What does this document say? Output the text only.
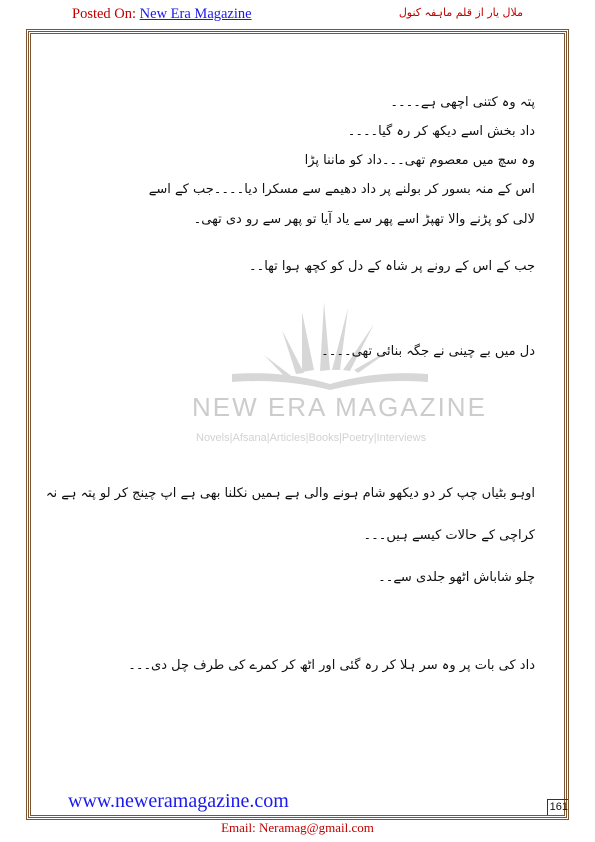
Posted On: New Era Magazine	ملال یار از قلم ماہفہ کنول
NEW ERA MAGAZINE
Novels|Afsana|Articles|Books|Poetry|Interviews
پتہ وہ کتنی اچھی ہے۔۔۔۔
داد بخش اسے دیکھ کر رہ گیا۔۔۔۔
وہ سچ میں معصوم تھی۔۔۔داد کو ماننا پڑا
اس کے منہ بسور کر بولنے پر داد دھیمے سے مسکرا دیا۔۔۔۔جب کے اسے
لالی کو پڑنے والا تھپڑ اسے پھر سے یاد آیا تو پھر سے رو دی تھی۔
جب کے اس کے رونے پر شاہ کے دل کو کچھ ہوا تھا۔۔
دل میں بے چینی نے جگہ بنائی تھی۔۔۔۔
اوہو بٹیاں چپ کر دو دیکھو شام ہونے والی ہے ہمیں نکلنا بھی ہے اپ چینج کر لو پتہ ہے نہ
کراچی کے حالات کیسے ہیں۔۔۔
چلو شاباش اٹھو جلدی سے۔۔
داد کی بات پر وہ سر ہلا کر رہ گئی اور اٹھ کر کمرے کی طرف چل دی۔۔۔
www.neweramagazine.com	161
Email: Neramag@gmail.com
